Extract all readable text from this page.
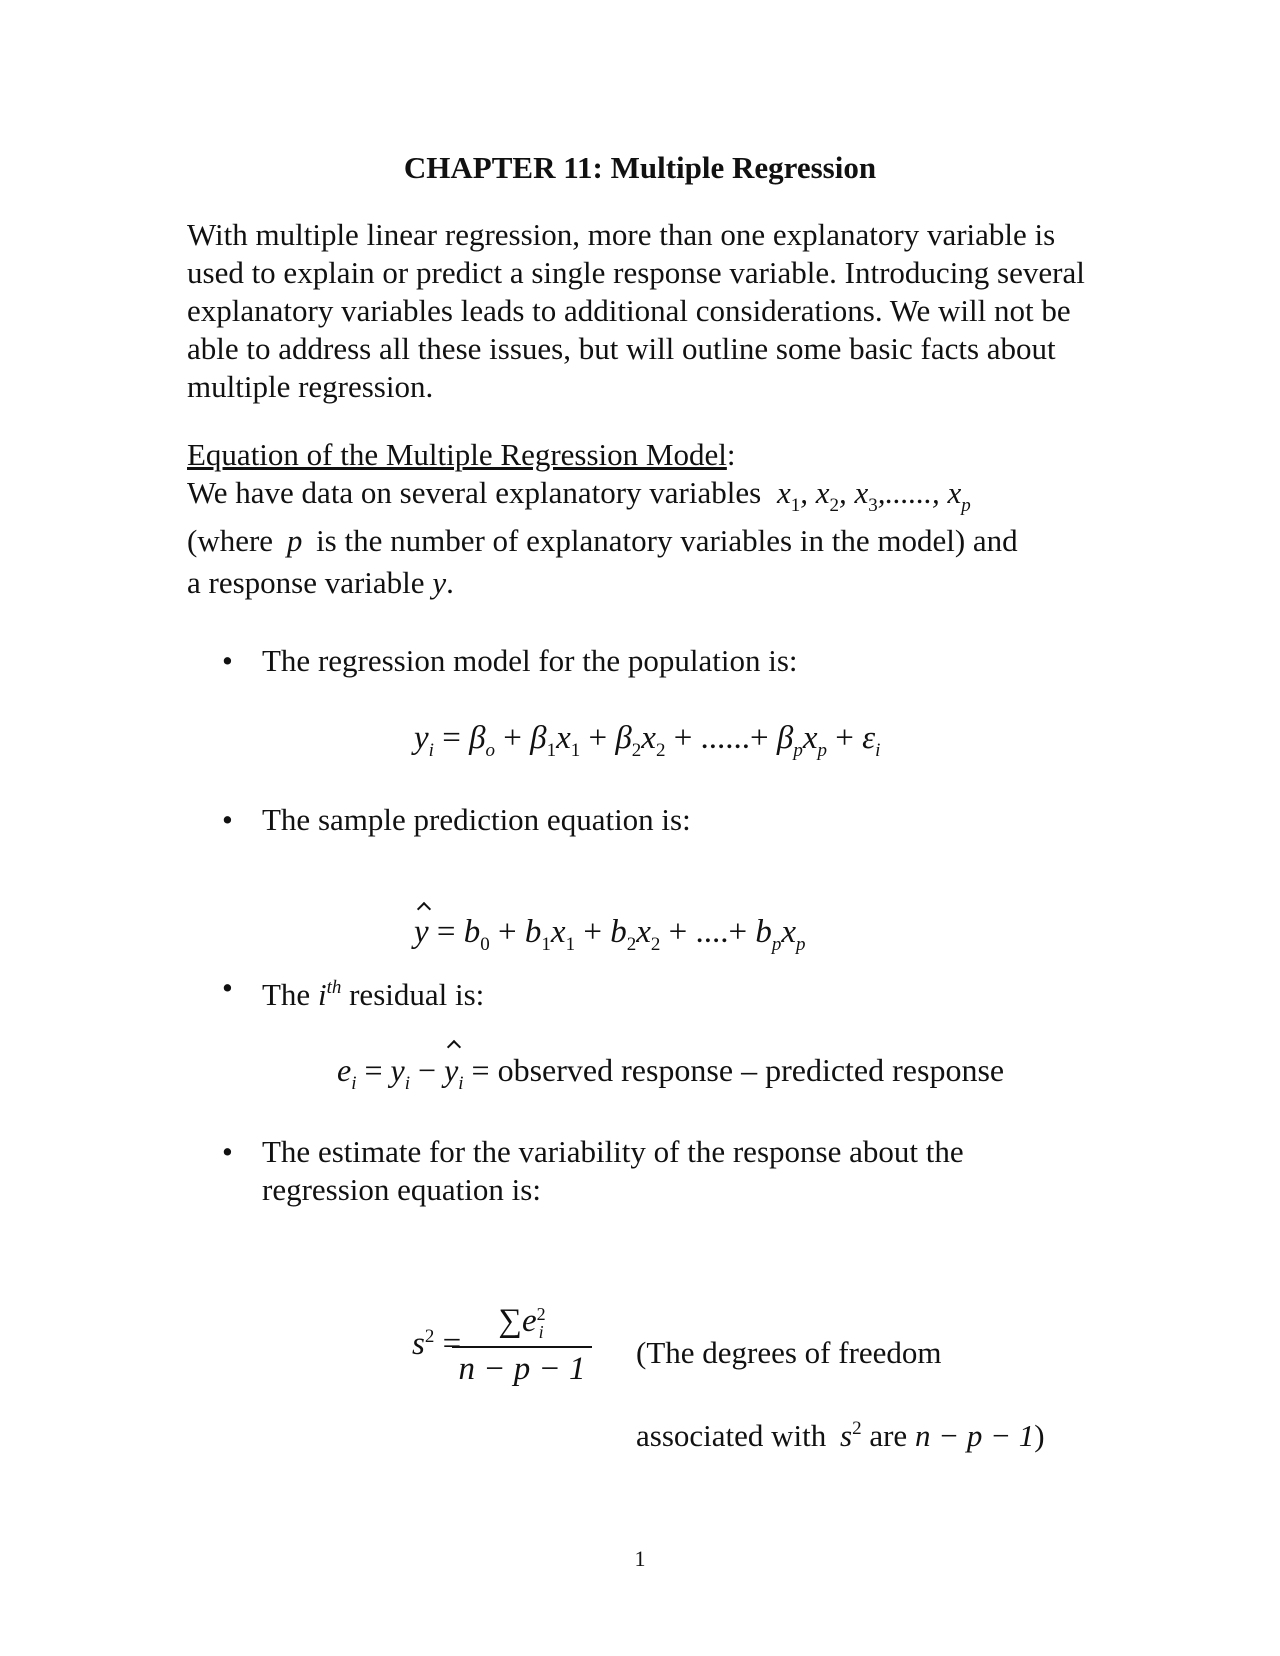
CHAPTER 11: Multiple Regression

With multiple linear regression, more than one explanatory variable is used to explain or predict a single response variable. Introducing several explanatory variables leads to additional considerations. We will not be able to address all these issues, but will outline some basic facts about multiple regression.

Equation of the Multiple Regression Model:
We have data on several explanatory variables $x_1$, $x_2$, $x_3$,......, $x_p$
(where p is the number of explanatory variables in the model) and
a response variable y.
• The regression model for the population is:
$y_i = \beta_o + \beta_1x_1 + \beta_2x_2$ + ......+ $\beta_px_p + \varepsilon_i$
• The sample prediction equation is:
$y = b_0 + b_1x_1 + b_2x_2$ + ....+ $b_px_p$
• The $i^{th}$ residual is:
$e_i = y_i - y_i$ = observed response – predicted response
• The estimate for the variability of the response about the regression equation is:
$s^2$ =
∑e 2
i
n − p − 1 (The degrees of freedom
associated with $s^2$ are n − p − 1)
1
